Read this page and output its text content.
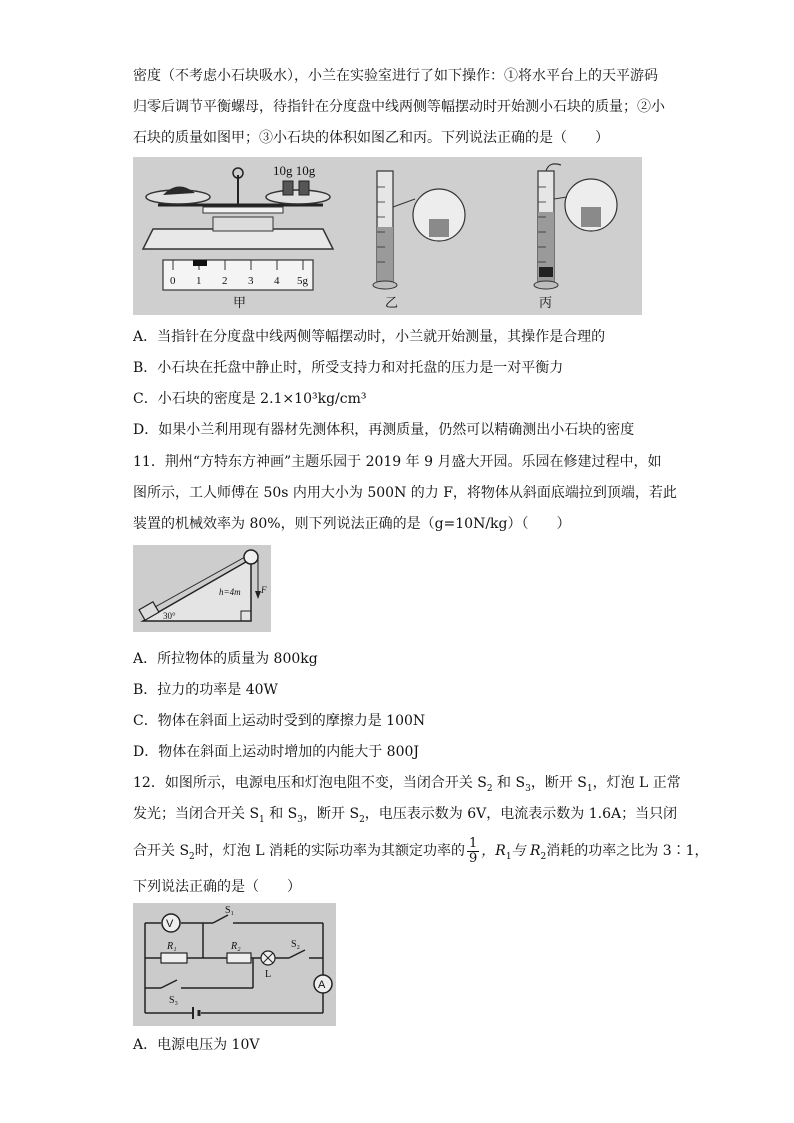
密度（不考虑小石块吸水），小兰在实验室进行了如下操作：①将水平台上的天平游码
归零后调节平衡螺母，待指针在分度盘中线两侧等幅摆动时开始测小石块的质量；②小
石块的质量如图甲；③小石块的体积如图乙和丙。下列说法正确的是（　　）
10g 10g
0 1 2 3 4 5g
甲	乙	丙
A．当指针在分度盘中线两侧等幅摆动时，小兰就开始测量，其操作是合理的
B．小石块在托盘中静止时，所受支持力和对托盘的压力是一对平衡力
C．小石块的密度是 2.1×10³kg/cm³
D．如果小兰利用现有器材先测体积，再测质量，仍然可以精确测出小石块的密度
11．荆州“方特东方神画”主题乐园于 2019 年 9 月盛大开园。乐园在修建过程中，如
图所示，工人师傅在 50s 内用大小为 500N 的力 F，将物体从斜面底端拉到顶端，若此
装置的机械效率为 80%，则下列说法正确的是（g=10N/kg）（　　）
h=4m F
30°
A．所拉物体的质量为 800kg
B．拉力的功率是 40W
C．物体在斜面上运动时受到的摩擦力是 100N
D．物体在斜面上运动时增加的内能大于 800J
12．如图所示，电源电压和灯泡电阻不变，当闭合开关 $S_2$ 和 $S_3$，断开 $S_1$，灯泡 L 正常
发光；当闭合开关 $S_1$ 和 $S_3$，断开 $S_2$，电压表示数为 6V，电流表示数为 1.6A；当只闭
合开关 $S_2$时，灯泡 L 消耗的实际功率为其额定功率的 $\frac{1}{9}$ ，$R_1$与 $R_2$消耗的功率之比为 3∶1，
下列说法正确的是（　　）
V
A
S₁
S₂
S₃
R₁	R₂
L
A．电源电压为 10V
